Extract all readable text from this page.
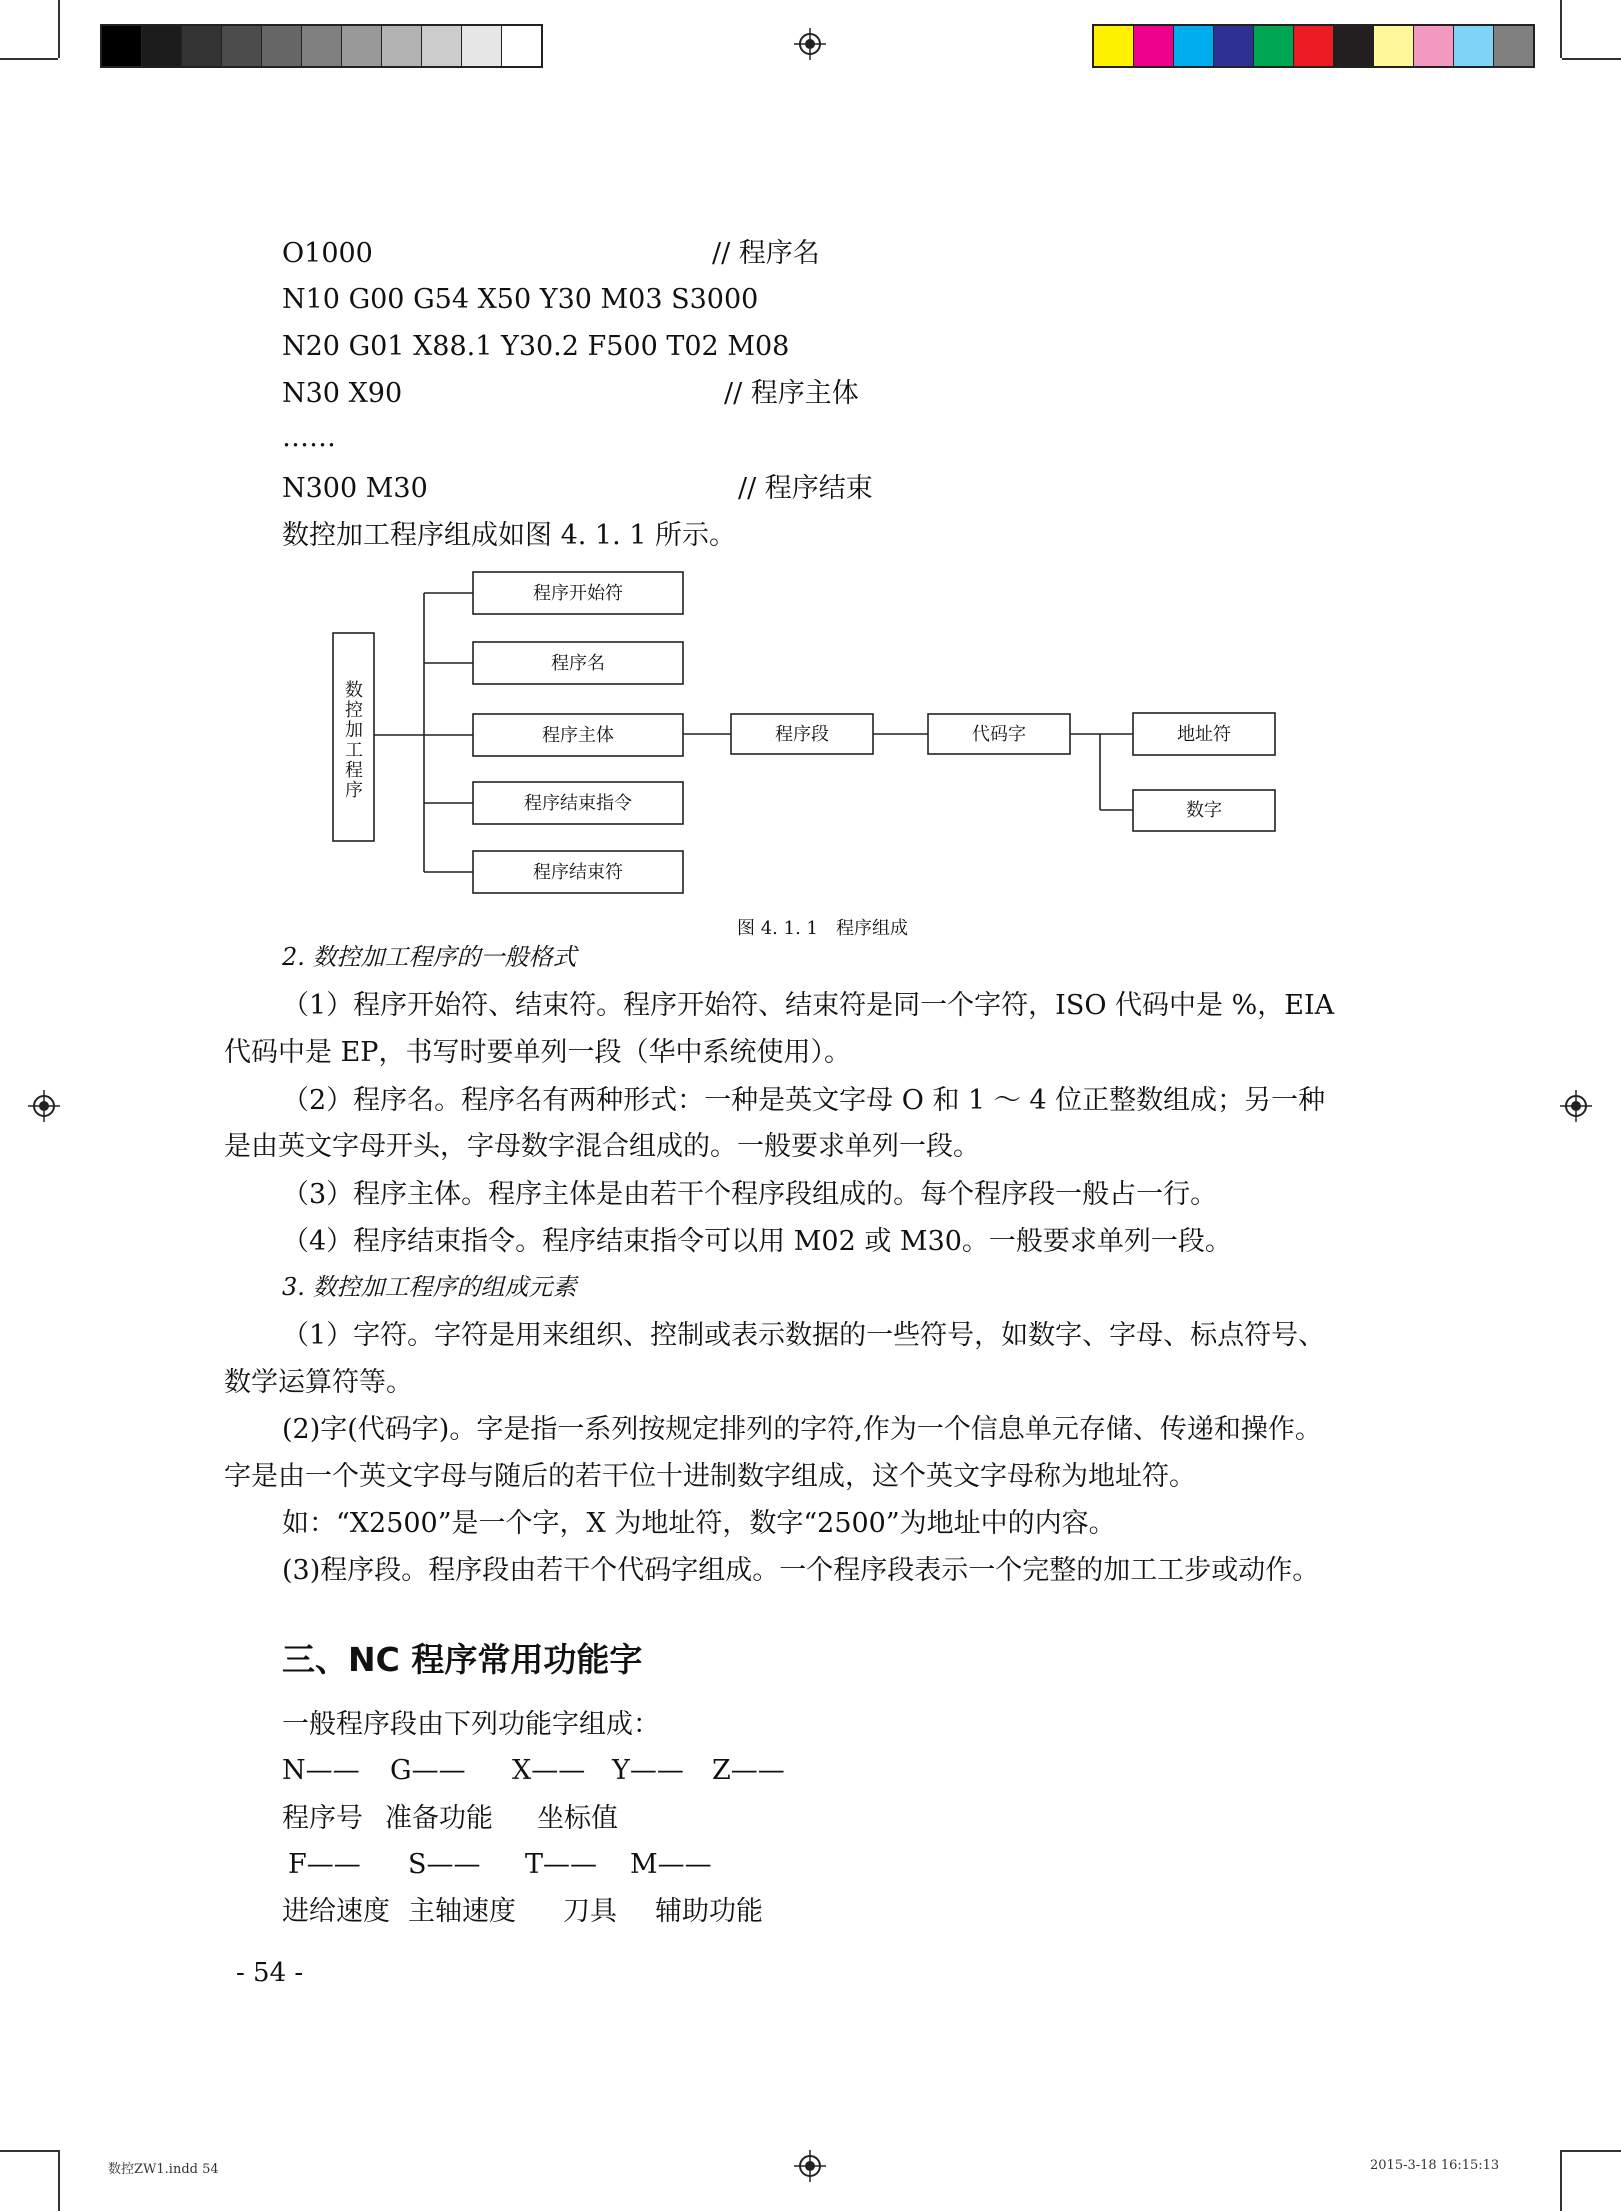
O1000	// 程序名
N10 G00 G54 X50 Y30 M03 S3000
N20 G01 X88.1 Y30.2 F500 T02 M08
N30 X90	// 程序主体
……
N300 M30	// 程序结束
数控加工程序组成如图 4. 1. 1 所示。
数控加工程序
程序开始符
程序名
程序主体
程序结束指令
程序结束符
程序段	代码字	地址符
数字
图 4. 1. 1　程序组成
2. 数控加工程序的一般格式
（1）程序开始符、结束符。程序开始符、结束符是同一个字符，ISO 代码中是 %，EIA
代码中是 EP，书写时要单列一段（华中系统使用）。
（2）程序名。程序名有两种形式：一种是英文字母 O 和 1 ～ 4 位正整数组成；另一种
是由英文字母开头，字母数字混合组成的。一般要求单列一段。
（3）程序主体。程序主体是由若干个程序段组成的。每个程序段一般占一行。
（4）程序结束指令。程序结束指令可以用 M02 或 M30。一般要求单列一段。
3. 数控加工程序的组成元素
（1）字符。字符是用来组织、控制或表示数据的一些符号，如数字、字母、标点符号、
数学运算符等。
(2)字(代码字)。字是指一系列按规定排列的字符,作为一个信息单元存储、传递和操作。
字是由一个英文字母与随后的若干位十进制数字组成，这个英文字母称为地址符。
如：“X2500”是一个字，X 为地址符，数字“2500”为地址中的内容。
(3)程序段。程序段由若干个代码字组成。一个程序段表示一个完整的加工工步或动作。
三、NC 程序常用功能字
一般程序段由下列功能字组成：
N—— G—— X—— Y—— Z——
程序号 准备功能 坐标值
F—— S—— T—— M——
进给速度 主轴速度 刀具 辅助功能
- 54 -
数控ZW1.indd 54	2015-3-18 16:15:13
